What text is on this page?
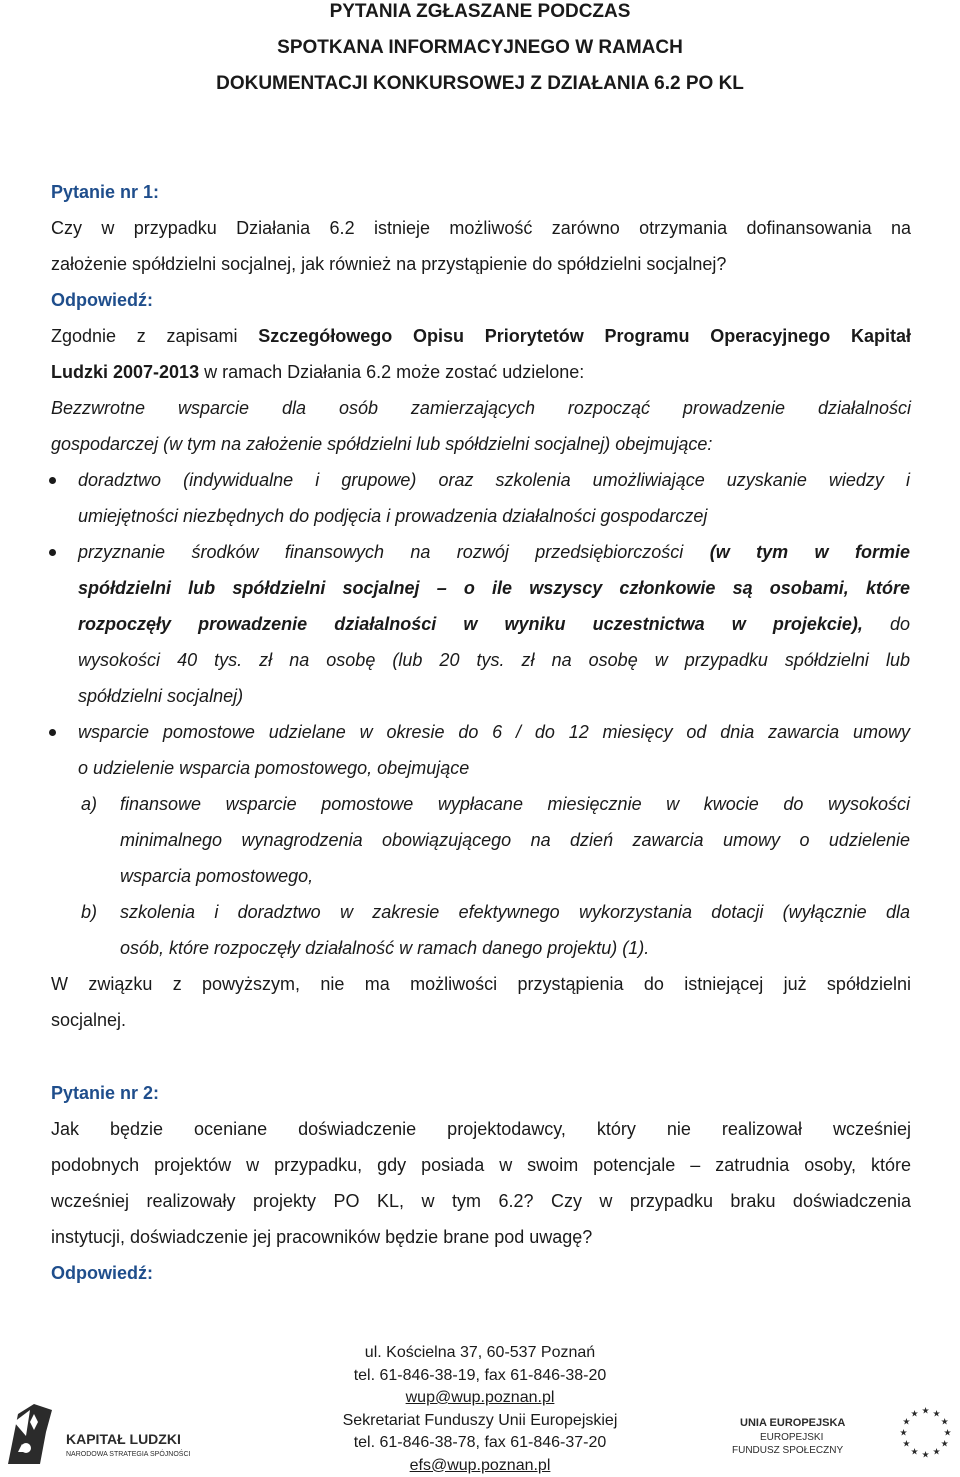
PYTANIA ZGŁASZANE PODCZAS
SPOTKANA INFORMACYJNEGO W RAMACH
DOKUMENTACJI KONKURSOWEJ Z DZIAŁANIA 6.2 PO KL
Pytanie nr 1:
Czy w przypadku Działania 6.2 istnieje możliwość zarówno otrzymania dofinansowania na
założenie spółdzielni socjalnej, jak również na przystąpienie do spółdzielni socjalnej?
Odpowiedź:
Zgodnie z zapisami Szczegółowego Opisu Priorytetów Programu Operacyjnego Kapitał
Ludzki 2007-2013 w ramach Działania 6.2 może zostać udzielone:
Bezzwrotne wsparcie dla osób zamierzających rozpocząć prowadzenie działalności
gospodarczej (w tym na założenie spółdzielni lub spółdzielni socjalnej) obejmujące:
doradztwo (indywidualne i grupowe) oraz szkolenia umożliwiające uzyskanie wiedzy i
umiejętności niezbędnych do podjęcia i prowadzenia działalności gospodarczej
przyznanie środków finansowych na rozwój przedsiębiorczości (w tym w formie
spółdzielni lub spółdzielni socjalnej – o ile wszyscy członkowie są osobami, które
rozpoczęły prowadzenie działalności w wyniku uczestnictwa w projekcie), do
wysokości 40 tys. zł na osobę (lub 20 tys. zł na osobę w przypadku spółdzielni lub
spółdzielni socjalnej)
wsparcie pomostowe udzielane w okresie do 6 / do 12 miesięcy od dnia zawarcia umowy
o udzielenie wsparcia pomostowego, obejmujące
a) finansowe wsparcie pomostowe wypłacane miesięcznie w kwocie do wysokości
minimalnego wynagrodzenia obowiązującego na dzień zawarcia umowy o udzielenie
wsparcia pomostowego,
b) szkolenia i doradztwo w zakresie efektywnego wykorzystania dotacji (wyłącznie dla
osób, które rozpoczęły działalność w ramach danego projektu) (1).
W związku z powyższym, nie ma możliwości przystąpienia do istniejącej już spółdzielni
socjalnej.
Pytanie nr 2:
Jak będzie oceniane doświadczenie projektodawcy, który nie realizował wcześniej
podobnych projektów w przypadku, gdy posiada w swoim potencjale – zatrudnia osoby, które
wcześniej realizowały projekty PO KL, w tym 6.2? Czy w przypadku braku doświadczenia
instytucji, doświadczenie jej pracowników będzie brane pod uwagę?
Odpowiedź:
ul. Kościelna 37, 60-537 Poznań
tel. 61-846-38-19, fax 61-846-38-20
wup@wup.poznan.pl
Sekretariat Funduszy Unii Europejskiej
tel. 61-846-38-78, fax 61-846-37-20
efs@wup.poznan.pl
KAPITAŁ LUDZKI
NARODOWA STRATEGIA SPÓJNOŚCI
UNIA EUROPEJSKA
EUROPEJSKI
FUNDUSZ SPOŁECZNY
★ ★
★
★
★
★
★
★
★
★
★
★
